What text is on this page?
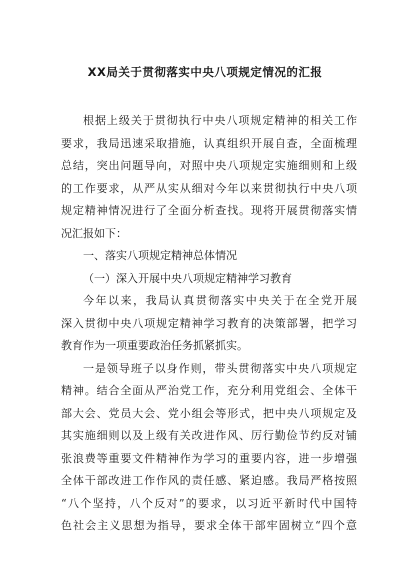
XX局关于贯彻落实中央八项规定情况的汇报
根据上级关于贯彻执行中央八项规定精神的相关工作
要求，我局迅速采取措施，认真组织开展自查，全面梳理
总结，突出问题导向，对照中央八项规定实施细则和上级
的工作要求，从严从实从细对今年以来贯彻执行中央八项
规定精神情况进行了全面分析查找。现将开展贯彻落实情
况汇报如下：
一、落实八项规定精神总体情况
（一）深入开展中央八项规定精神学习教育
今年以来，我局认真贯彻落实中央关于在全党开展
深入贯彻中央八项规定精神学习教育的决策部署，把学习
教育作为一项重要政治任务抓紧抓实。
一是领导班子以身作则，带头贯彻落实中央八项规定
精神。结合全面从严治党工作，充分利用党组会、全体干
部大会、党员大会、党小组会等形式，把中央八项规定及
其实施细则以及上级有关改进作风、厉行勤俭节约反对铺
张浪费等重要文件精神作为学习的重要内容，进一步增强
全体干部改进工作作风的责任感、紧迫感。我局严格按照
“八个坚持，八个反对”的要求，以习近平新时代中国特
色社会主义思想为指导，要求全体干部牢固树立“四个意
